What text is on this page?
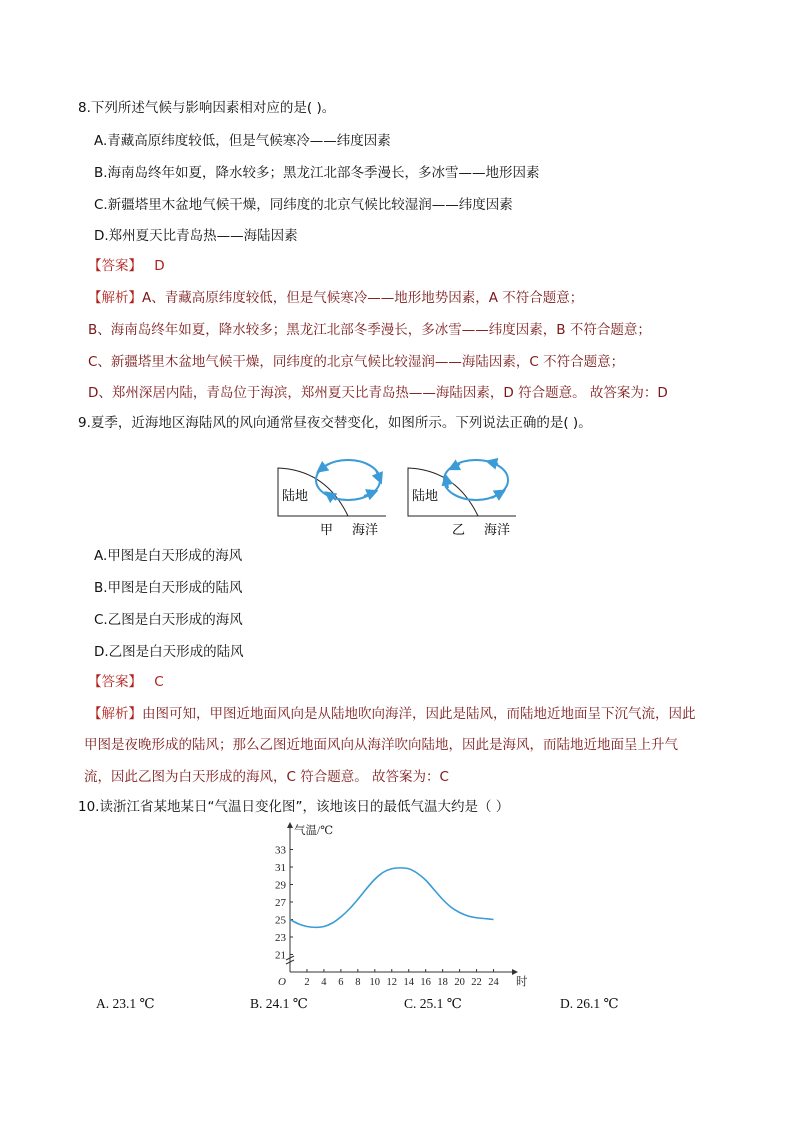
8.下列所述气候与影响因素相对应的是( )。
A.青藏高原纬度较低，但是气候寒冷——纬度因素
B.海南岛终年如夏，降水较多；黑龙江北部冬季漫长，多冰雪——地形因素
C.新疆塔里木盆地气候干燥，同纬度的北京气候比较湿润——纬度因素
D.郑州夏天比青岛热——海陆因素
【答案】 D
【解析】A、青藏高原纬度较低，但是气候寒冷——地形地势因素，A 不符合题意；
B、海南岛终年如夏，降水较多；黑龙江北部冬季漫长，多冰雪——纬度因素，B 不符合题意；
C、新疆塔里木盆地气候干燥，同纬度的北京气候比较湿润——海陆因素，C 不符合题意；
D、郑州深居内陆，青岛位于海滨，郑州夏天比青岛热——海陆因素，D 符合题意。 故答案为：D
9.夏季，近海地区海陆风的风向通常昼夜交替变化，如图所示。下列说法正确的是( )。
陆地
甲 海洋
陆地
乙 海洋
A.甲图是白天形成的海风
B.甲图是白天形成的陆风
C.乙图是白天形成的海风
D.乙图是白天形成的陆风
【答案】 C
【解析】由图可知，甲图近地面风向是从陆地吹向海洋，因此是陆风，而陆地近地面呈下沉气流，因此
甲图是夜晚形成的陆风；那么乙图近地面风向从海洋吹向陆地，因此是海风，而陆地近地面呈上升气
流，因此乙图为白天形成的海风，C 符合题意。 故答案为：C
10.读浙江省某地某日“气温日变化图”，该地该日的最低气温大约是（ ）
21
23
25
27
29
31
33
2 4 6 8 10 12 14 16 18 20 22 24
O	时
气温/℃
A. 23.1 ℃	B. 24.1 ℃	C. 25.1 ℃	D. 26.1 ℃
